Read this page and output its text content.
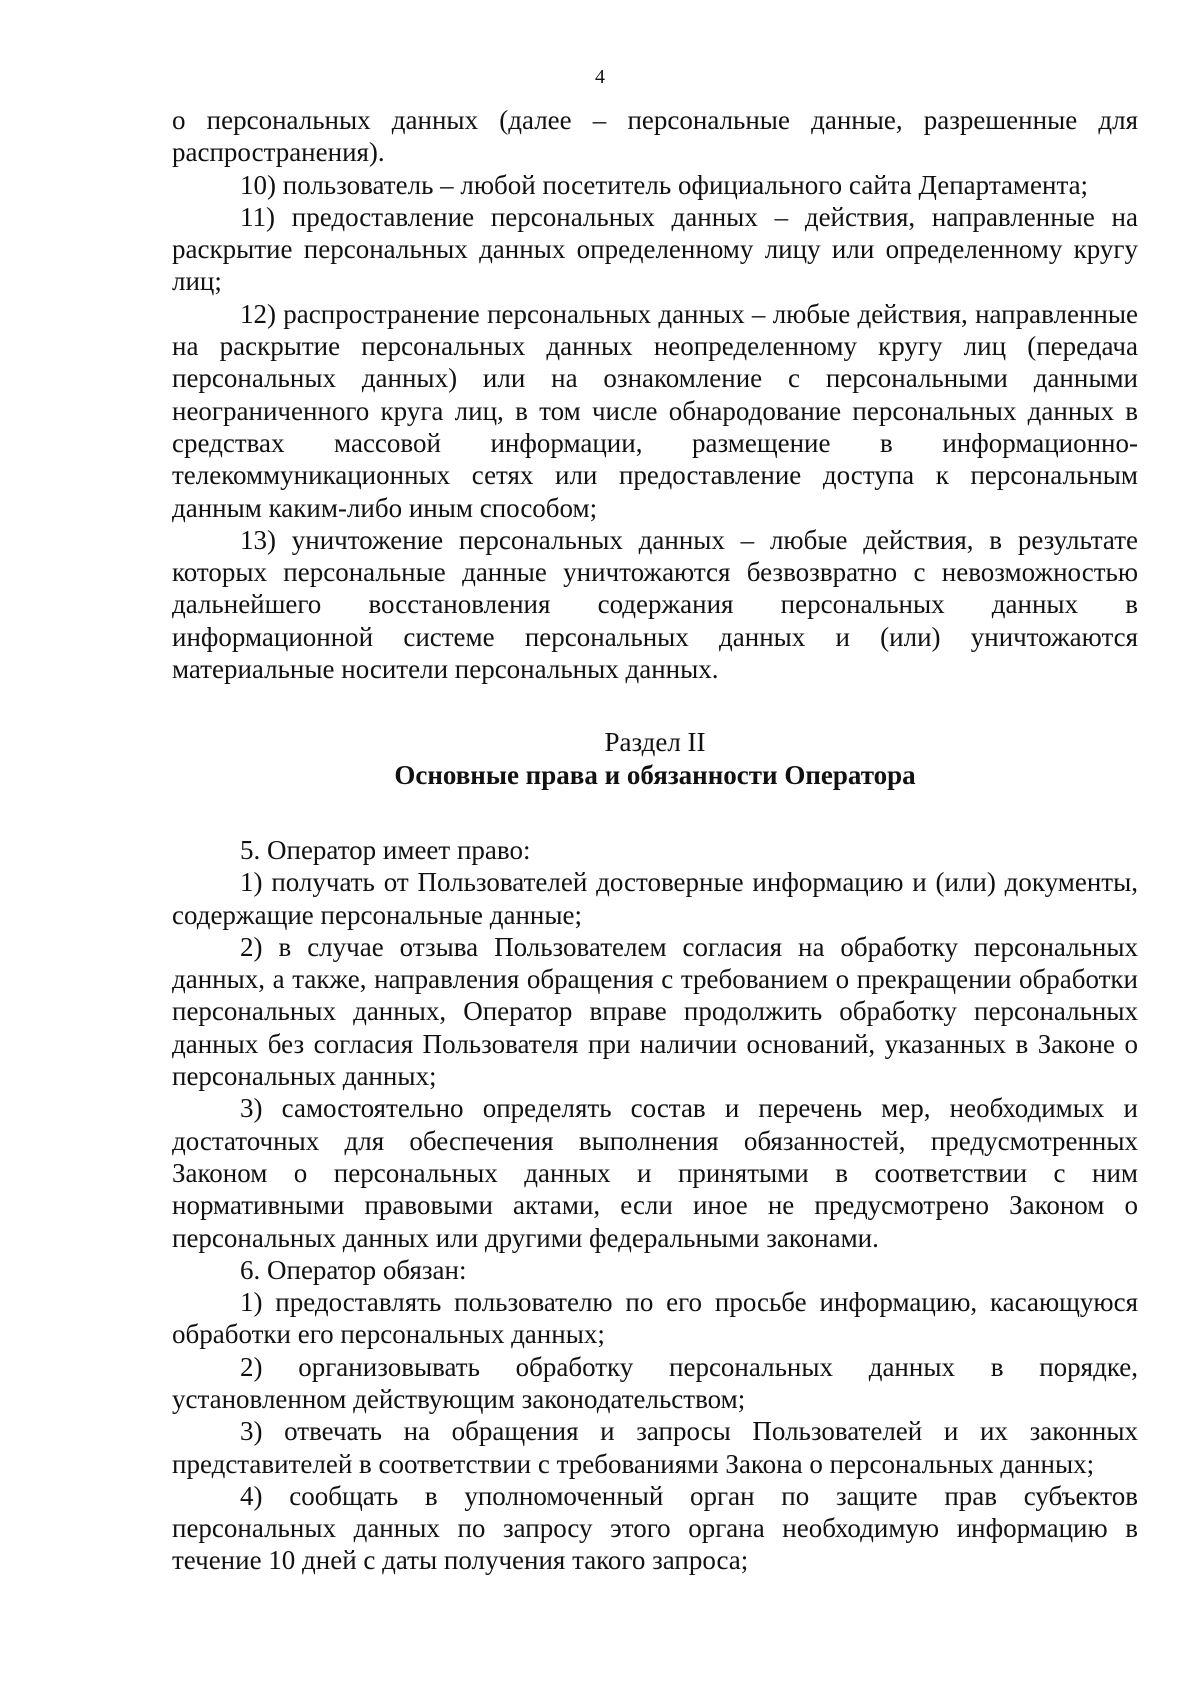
4

о персональных данных (далее – персональные данные, разрешенные для распространения).

10) пользователь – любой посетитель официального сайта Департамента;

11) предоставление персональных данных – действия, направленные на раскрытие персональных данных определенному лицу или определенному кругу лиц;

12) распространение персональных данных – любые действия, направленные на раскрытие персональных данных неопределенному кругу лиц (передача персональных данных) или на ознакомление с персональными данными неограниченного круга лиц, в том числе обнародование персональных данных в средствах массовой информации, размещение в информационно-телекоммуникационных сетях или предоставление доступа к персональным данным каким-либо иным способом;

13) уничтожение персональных данных – любые действия, в результате которых персональные данные уничтожаются безвозвратно с невозможностью дальнейшего восстановления содержания персональных данных в информационной системе персональных данных и (или) уничтожаются материальные носители персональных данных.

Раздел II
Основные права и обязанности Оператора

5. Оператор имеет право:

1) получать от Пользователей достоверные информацию и (или) документы, содержащие персональные данные;

2) в случае отзыва Пользователем согласия на обработку персональных данных, а также, направления обращения с требованием о прекращении обработки персональных данных, Оператор вправе продолжить обработку персональных данных без согласия Пользователя при наличии оснований, указанных в Законе о персональных данных;

3) самостоятельно определять состав и перечень мер, необходимых и достаточных для обеспечения выполнения обязанностей, предусмотренных Законом о персональных данных и принятыми в соответствии с ним нормативными правовыми актами, если иное не предусмотрено Законом о персональных данных или другими федеральными законами.

6. Оператор обязан:

1) предоставлять пользователю по его просьбе информацию, касающуюся обработки его персональных данных;

2) организовывать обработку персональных данных в порядке, установленном действующим законодательством;

3) отвечать на обращения и запросы Пользователей и их законных представителей в соответствии с требованиями Закона о персональных данных;

4) сообщать в уполномоченный орган по защите прав субъектов персональных данных по запросу этого органа необходимую информацию в течение 10 дней с даты получения такого запроса;
